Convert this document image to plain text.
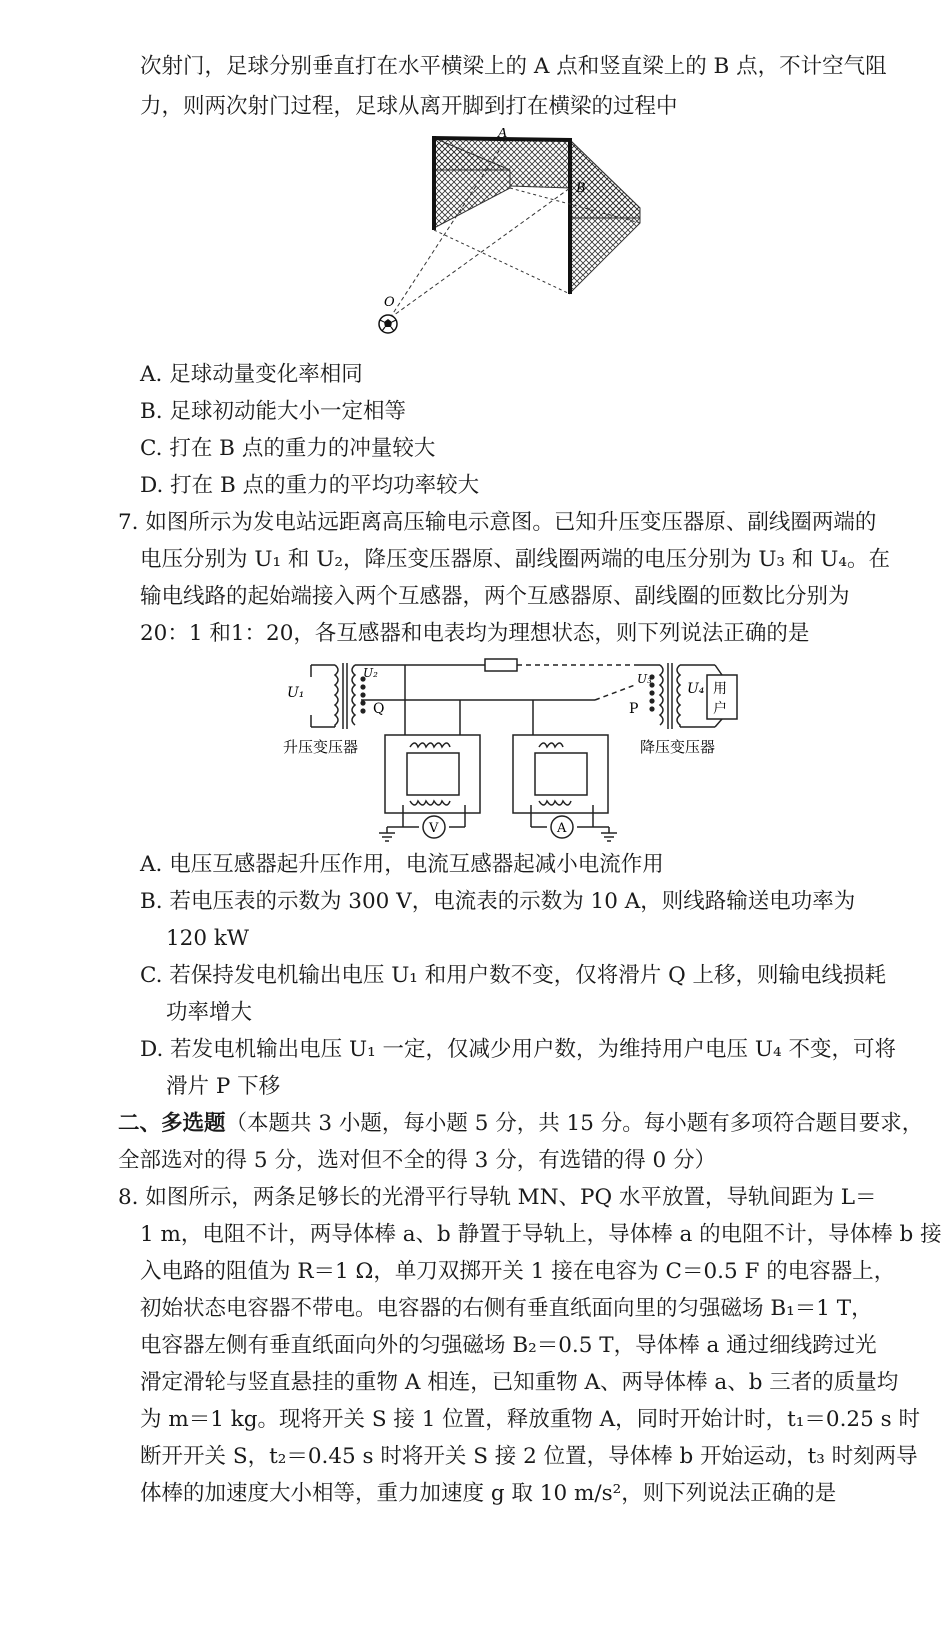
次射门，足球分别垂直打在水平横梁上的 A 点和竖直梁上的 B 点，不计空气阻
力，则两次射门过程，足球从离开脚到打在横梁的过程中
A
B
O
A. 足球动量变化率相同
B. 足球初动能大小一定相等
C. 打在 B 点的重力的冲量较大
D. 打在 B 点的重力的平均功率较大
7. 如图所示为发电站远距离高压输电示意图。已知升压变压器原、副线圈两端的
电压分别为 U₁ 和 U₂，降压变压器原、副线圈两端的电压分别为 U₃ 和 U₄。在
输电线路的起始端接入两个互感器，两个互感器原、副线圈的匝数比分别为
20：1 和1：20，各互感器和电表均为理想状态，则下列说法正确的是
U₁
U₂
Q	P
U₃
U₄ 用
户
升压变压器	降压变压器
V	A
A. 电压互感器起升压作用，电流互感器起减小电流作用
B. 若电压表的示数为 300 V，电流表的示数为 10 A，则线路输送电功率为
120 kW
C. 若保持发电机输出电压 U₁ 和用户数不变，仅将滑片 Q 上移，则输电线损耗
功率增大
D. 若发电机输出电压 U₁ 一定，仅减少用户数，为维持用户电压 U₄ 不变，可将
滑片 P 下移
二、多选题（本题共 3 小题，每小题 5 分，共 15 分。每小题有多项符合题目要求，
全部选对的得 5 分，选对但不全的得 3 分，有选错的得 0 分）
8. 如图所示，两条足够长的光滑平行导轨 MN、PQ 水平放置，导轨间距为 L＝
1 m，电阻不计，两导体棒 a、b 静置于导轨上，导体棒 a 的电阻不计，导体棒 b 接
入电路的阻值为 R＝1 Ω，单刀双掷开关 1 接在电容为 C＝0.5 F 的电容器上，
初始状态电容器不带电。电容器的右侧有垂直纸面向里的匀强磁场 B₁＝1 T，
电容器左侧有垂直纸面向外的匀强磁场 B₂＝0.5 T，导体棒 a 通过细线跨过光
滑定滑轮与竖直悬挂的重物 A 相连，已知重物 A、两导体棒 a、b 三者的质量均
为 m＝1 kg。现将开关 S 接 1 位置，释放重物 A，同时开始计时，t₁＝0.25 s 时
断开开关 S，t₂＝0.45 s 时将开关 S 接 2 位置，导体棒 b 开始运动，t₃ 时刻两导
体棒的加速度大小相等，重力加速度 g 取 10 m/s²，则下列说法正确的是
